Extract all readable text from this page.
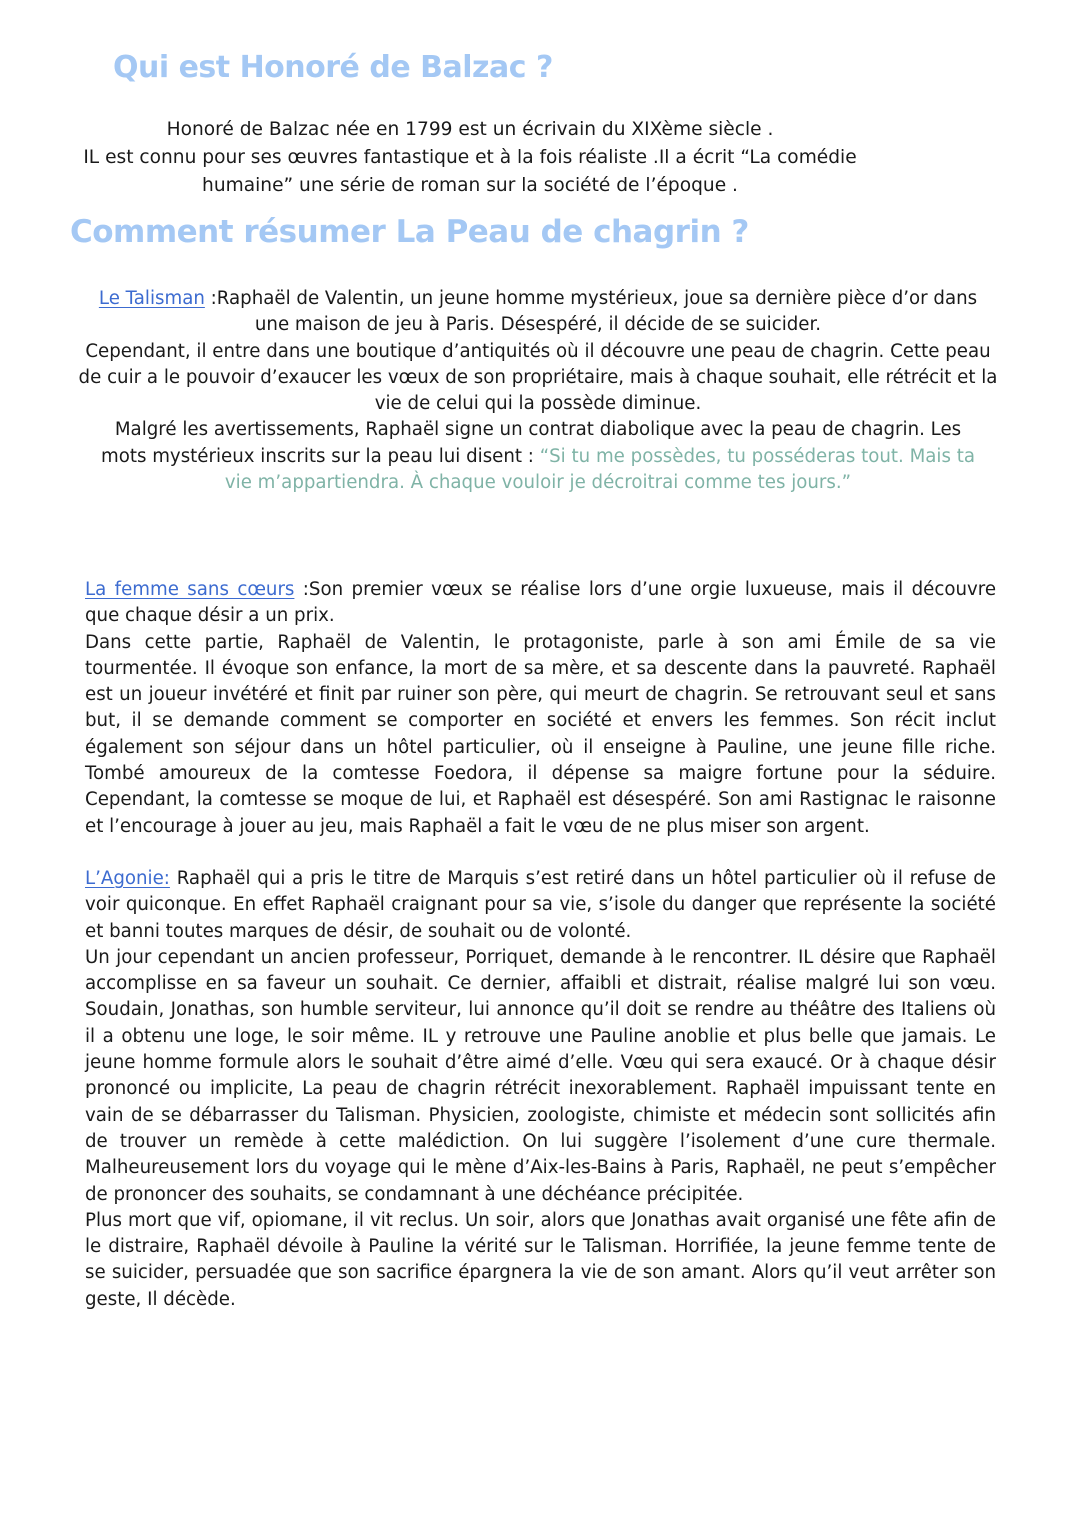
Qui est Honoré de Balzac ?

Honoré de Balzac née en 1799 est un écrivain du XIXème siècle .

IL est connu pour ses œuvres fantastique et à la fois réaliste .Il a écrit “La comédie

humaine” une série de roman sur la société de l’époque .

Comment résumer La Peau de chagrin ?

Le Talisman :Raphaël de Valentin, un jeune homme mystérieux, joue sa dernière pièce d’or dans une maison de jeu à Paris. Désespéré, il décide de se suicider.

Cependant, il entre dans une boutique d’antiquités où il découvre une peau de chagrin. Cette peau de cuir a le pouvoir d’exaucer les vœux de son propriétaire, mais à chaque souhait, elle rétrécit et la vie de celui qui la possède diminue.

Malgré les avertissements, Raphaël signe un contrat diabolique avec la peau de chagrin. Les mots mystérieux inscrits sur la peau lui disent : “Si tu me possèdes, tu posséderas tout. Mais ta vie m’appartiendra. À chaque vouloir je décroitrai comme tes jours.”

La femme sans cœurs :Son premier vœux se réalise lors d’une orgie luxueuse, mais il découvre que chaque désir a un prix.

Dans cette partie, Raphaël de Valentin, le protagoniste, parle à son ami Émile de sa vie tourmentée. Il évoque son enfance, la mort de sa mère, et sa descente dans la pauvreté. Raphaël est un joueur invétéré et finit par ruiner son père, qui meurt de chagrin. Se retrouvant seul et sans but, il se demande comment se comporter en société et envers les femmes. Son récit inclut également son séjour dans un hôtel particulier, où il enseigne à Pauline, une jeune fille riche. Tombé amoureux de la comtesse Foedora, il dépense sa maigre fortune pour la séduire. Cependant, la comtesse se moque de lui, et Raphaël est désespéré. Son ami Rastignac le raisonne et l’encourage à jouer au jeu, mais Raphaël a fait le vœu de ne plus miser son argent.

L’Agonie: Raphaël qui a pris le titre de Marquis s’est retiré dans un hôtel particulier où il refuse de voir quiconque. En effet Raphaël craignant pour sa vie, s’isole du danger que représente la société et banni toutes marques de désir, de souhait ou de volonté.

Un jour cependant un ancien professeur, Porriquet, demande à le rencontrer. IL désire que Raphaël accomplisse en sa faveur un souhait. Ce dernier, affaibli et distrait, réalise malgré lui son vœu. Soudain, Jonathas, son humble serviteur, lui annonce qu’il doit se rendre au théâtre des Italiens où il a obtenu une loge, le soir même. IL y retrouve une Pauline anoblie et plus belle que jamais. Le jeune homme formule alors le souhait d’être aimé d’elle. Vœu qui sera exaucé. Or à chaque désir prononcé ou implicite, La peau de chagrin rétrécit inexorablement. Raphaël impuissant tente en vain de se débarrasser du Talisman. Physicien, zoologiste, chimiste et médecin sont sollicités afin de trouver un remède à cette malédiction. On lui suggère l’isolement d’une cure thermale. Malheureusement lors du voyage qui le mène d’Aix-les-Bains à Paris, Raphaël, ne peut s’empêcher de prononcer des souhaits, se condamnant à une déchéance précipitée.

Plus mort que vif, opiomane, il vit reclus. Un soir, alors que Jonathas avait organisé une fête afin de le distraire, Raphaël dévoile à Pauline la vérité sur le Talisman. Horrifiée, la jeune femme tente de se suicider, persuadée que son sacrifice épargnera la vie de son amant. Alors qu’il veut arrêter son geste, Il décède.
